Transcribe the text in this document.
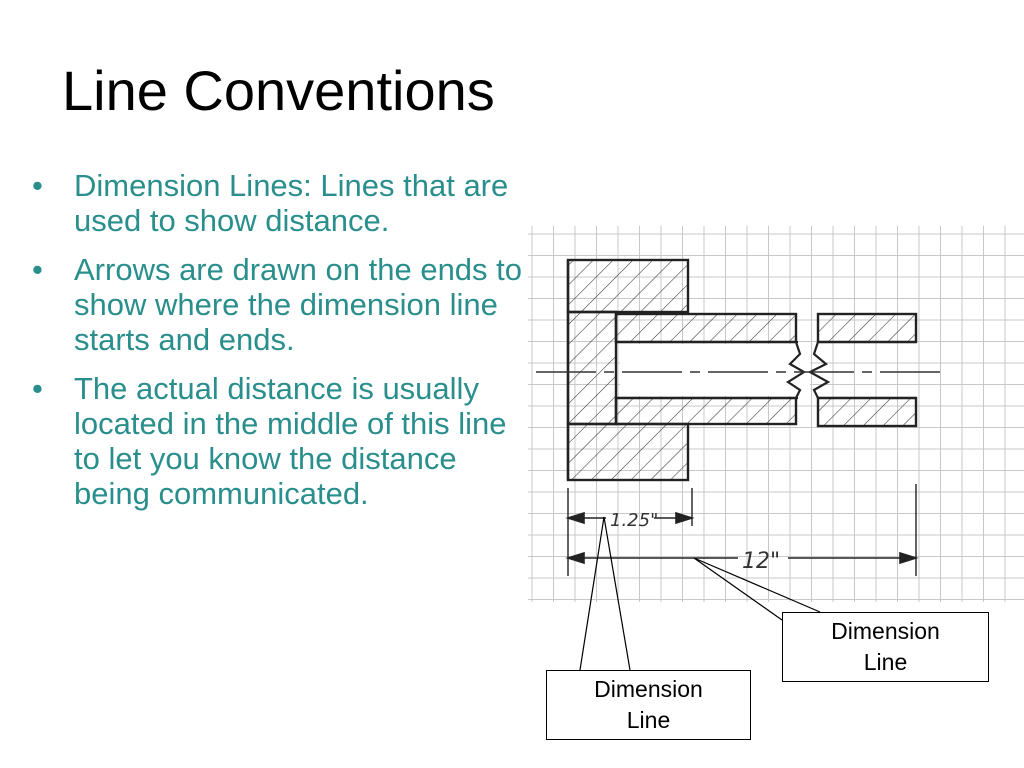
Line Conventions
• Dimension Lines: Lines that are used to show distance.
• Arrows are drawn on the ends to show where the dimension line starts and ends.
• The actual distance is usually located in the middle of this line to let you know the distance being communicated.
1.25"
12"
Dimension
Line
Dimension
Line
